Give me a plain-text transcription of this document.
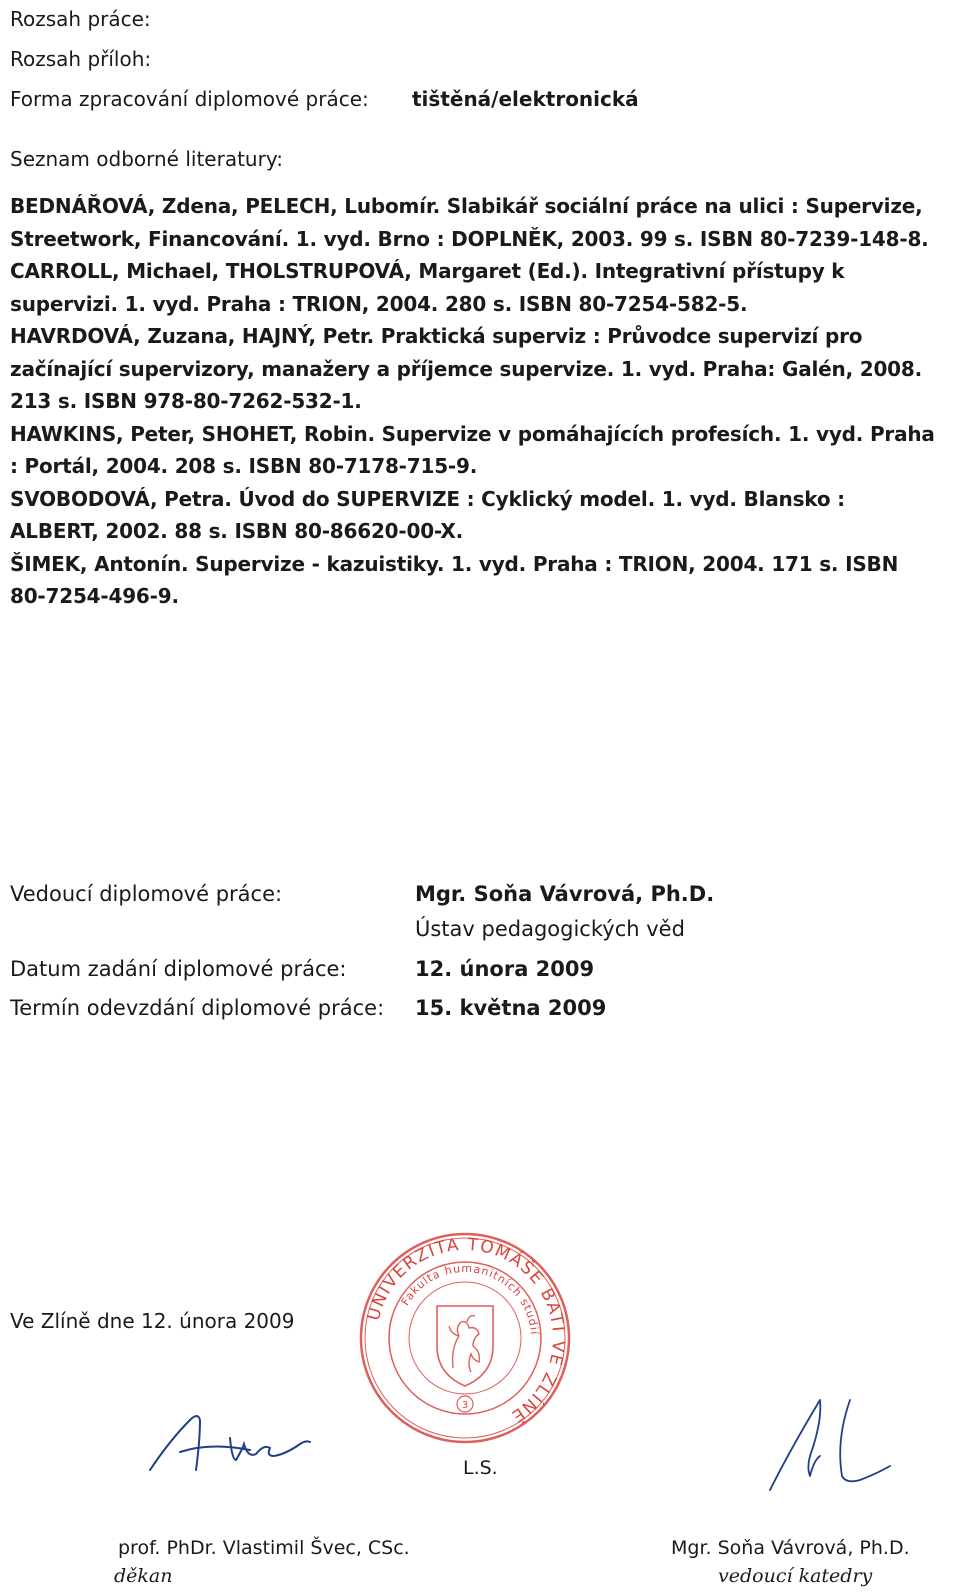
Rozsah práce:
Rozsah příloh:
Forma zpracování diplomové práce: tištěná/elektronická
Seznam odborné literatury:
BEDNÁŘOVÁ, Zdena, PELECH, Lubomír. Slabikář sociální práce na ulici : Supervize, Streetwork, Financování. 1. vyd. Brno : DOPLNĚK, 2003. 99 s. ISBN 80-7239-148-8.
CARROLL, Michael, THOLSTRUPOVÁ, Margaret (Ed.). Integrativní přístupy k supervizi. 1. vyd. Praha : TRION, 2004. 280 s. ISBN 80-7254-582-5.
HAVRDOVÁ, Zuzana, HAJNÝ, Petr. Praktická superviz : Průvodce supervizí pro začínající supervizory, manažery a příjemce supervize. 1. vyd. Praha: Galén, 2008. 213 s. ISBN 978-80-7262-532-1.
HAWKINS, Peter, SHOHET, Robin. Supervize v pomáhajících profesích. 1. vyd. Praha : Portál, 2004. 208 s. ISBN 80-7178-715-9.
SVOBODOVÁ, Petra. Úvod do SUPERVIZE : Cyklický model. 1. vyd. Blansko : ALBERT, 2002. 88 s. ISBN 80-86620-00-X.
ŠIMEK, Antonín. Supervize - kazuistiky. 1. vyd. Praha : TRION, 2004. 171 s. ISBN 80-7254-496-9.
Vedoucí diplomové práce:	Mgr. Soňa Vávrová, Ph.D.
Ústav pedagogických věd
Datum zadání diplomové práce:	12. února 2009
Termín odevzdání diplomové práce: 15. května 2009
Ve Zlíně dne 12. února 2009	UNIVERZITA TOMÁŠE BATI VE ZLÍNĚ
Fakulta humanitních studií
3
L.S.
prof. PhDr. Vlastimil Švec, CSc.
děkan
Mgr. Soňa Vávrová, Ph.D.
vedoucí katedry
